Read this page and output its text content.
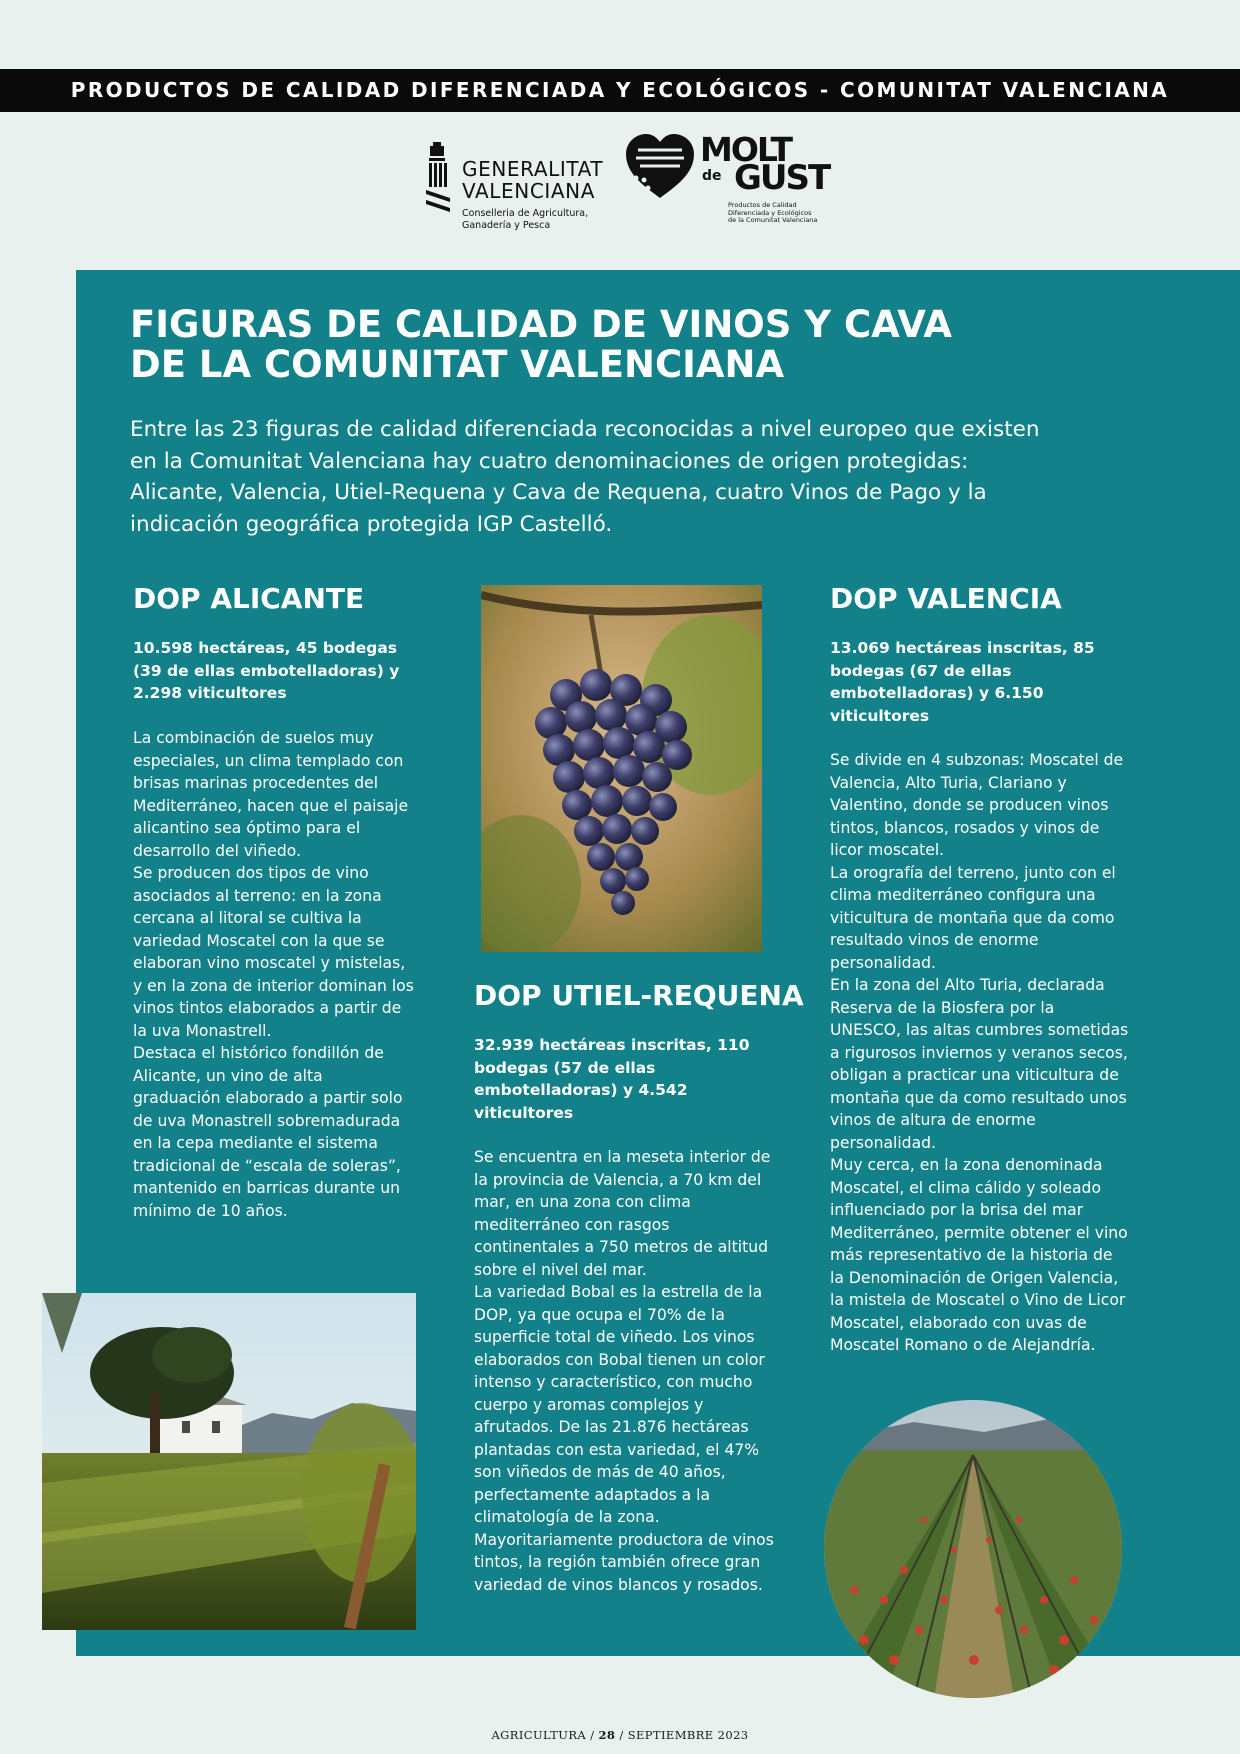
PRODUCTOS DE CALIDAD DIFERENCIADA Y ECOLÓGICOS - COMUNITAT VALENCIANA
GENERALITAT
VALENCIANA
Conselleria de Agricultura,
Ganadería y Pesca
MOLT
de GUST
Productos de Calidad
Diferenciada y Ecológicos
de la Comunitat Valenciana
FIGURAS DE CALIDAD DE VINOS Y CAVA
DE LA COMUNITAT VALENCIANA

Entre las 23 figuras de calidad diferenciada reconocidas a nivel europeo que existen en la Comunitat Valenciana hay cuatro denominaciones de origen protegidas: Alicante, Valencia, Utiel-Requena y Cava de Requena, cuatro Vinos de Pago y la indicación geográfica protegida IGP Castelló.

DOP ALICANTE

10.598 hectáreas, 45 bodegas (39 de ellas embotelladoras) y 2.298 viticultores

La combinación de suelos muy especiales, un clima templado con brisas marinas procedentes del Mediterráneo, hacen que el paisaje alicantino sea óptimo para el desarrollo del viñedo.
Se producen dos tipos de vino asociados al terreno: en la zona cercana al litoral se cultiva la variedad Moscatel con la que se elaboran vino moscatel y mistelas, y en la zona de interior dominan los vinos tintos elaborados a partir de la uva Monastrell.
Destaca el histórico fondillón de Alicante, un vino de alta graduación elaborado a partir solo de uva Monastrell sobremadurada en la cepa mediante el sistema tradicional de “escala de soleras”, mantenido en barricas durante un mínimo de 10 años.

DOP UTIEL-REQUENA

32.939 hectáreas inscritas, 110 bodegas (57 de ellas embotelladoras) y 4.542 viticultores

Se encuentra en la meseta interior de la provincia de Valencia, a 70 km del mar, en una zona con clima mediterráneo con rasgos continentales a 750 metros de altitud sobre el nivel del mar.
La variedad Bobal es la estrella de la DOP, ya que ocupa el 70% de la superficie total de viñedo. Los vinos elaborados con Bobal tienen un color intenso y característico, con mucho cuerpo y aromas complejos y afrutados. De las 21.876 hectáreas plantadas con esta variedad, el 47% son viñedos de más de 40 años, perfectamente adaptados a la climatología de la zona. Mayoritariamente productora de vinos tintos, la región también ofrece gran variedad de vinos blancos y rosados.

DOP VALENCIA

13.069 hectáreas inscritas, 85 bodegas (67 de ellas embotelladoras) y 6.150 viticultores

Se divide en 4 subzonas: Moscatel de Valencia, Alto Turia, Clariano y Valentino, donde se producen vinos tintos, blancos, rosados y vinos de licor moscatel.
La orografía del terreno, junto con el clima mediterráneo configura una viticultura de montaña que da como resultado vinos de enorme personalidad.
En la zona del Alto Turia, declarada Reserva de la Biosfera por la UNESCO, las altas cumbres sometidas a rigurosos inviernos y veranos secos, obligan a practicar una viticultura de montaña que da como resultado unos vinos de altura de enorme personalidad.
Muy cerca, en la zona denominada Moscatel, el clima cálido y soleado influenciado por la brisa del mar Mediterráneo, permite obtener el vino más representativo de la historia de la Denominación de Origen Valencia, la mistela de Moscatel o Vino de Licor Moscatel, elaborado con uvas de Moscatel Romano o de Alejandría.

AGRICULTURA / 28 / SEPTIEMBRE 2023
